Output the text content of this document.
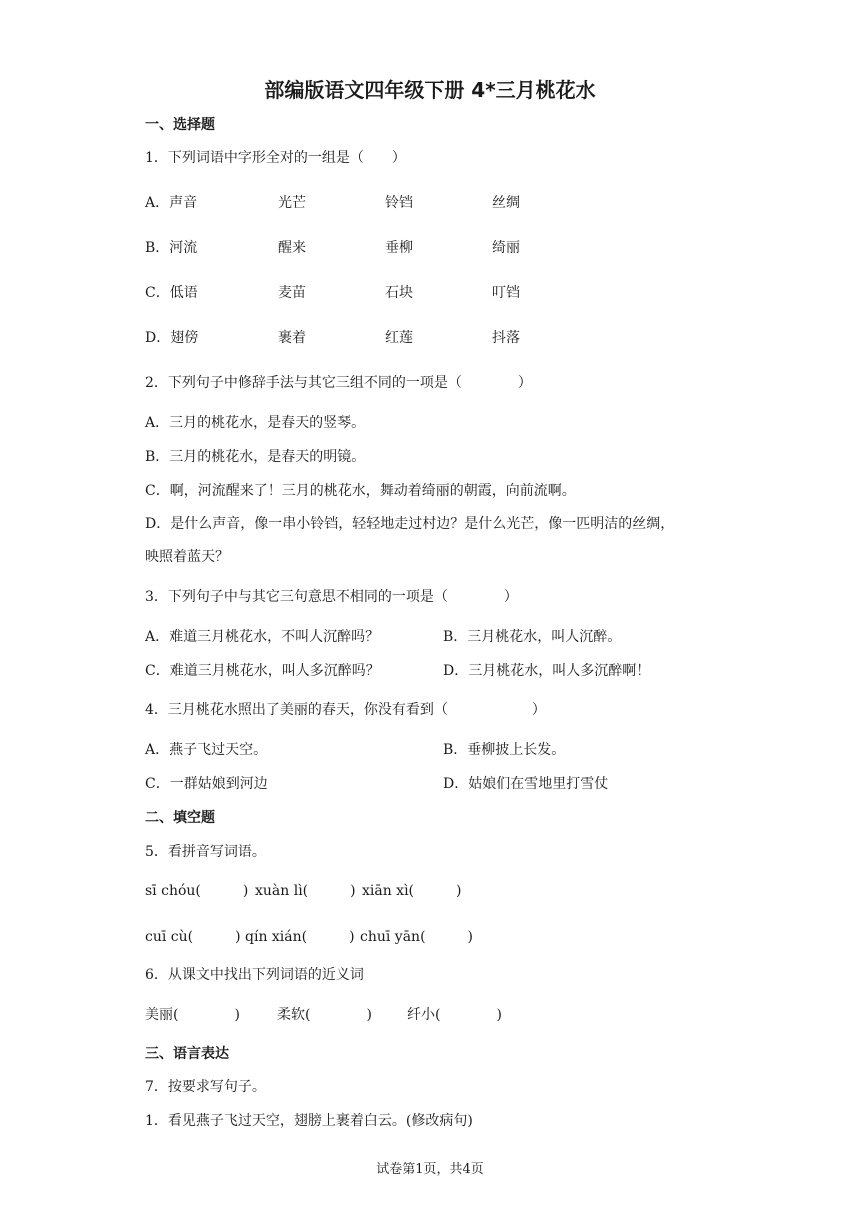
部编版语文四年级下册 4*三月桃花水
一、选择题
1．下列词语中字形全对的一组是（　　）
A．声音	光芒	铃铛	丝绸
B．河流	醒来	垂柳	绮丽
C．低语	麦苗	石块	叮铛
D．翅傍	裹着	红莲	抖落
2．下列句子中修辞手法与其它三组不同的一项是（　　　　）
A．三月的桃花水，是春天的竖琴。
B．三月的桃花水，是春天的明镜。
C．啊，河流醒来了！三月的桃花水，舞动着绮丽的朝霞，向前流啊。
D．是什么声音，像一串小铃铛，轻轻地走过村边？是什么光芒，像一匹明洁的丝绸，
映照着蓝天？
3．下列句子中与其它三句意思不相同的一项是（　　　　）
A．难道三月桃花水，不叫人沉醉吗？	B．三月桃花水，叫人沉醉。
C．难道三月桃花水，叫人多沉醉吗？	D．三月桃花水，叫人多沉醉啊！
4．三月桃花水照出了美丽的春天，你没有看到（　　　　　　）
A．燕子飞过天空。	B．垂柳披上长发。
C．一群姑娘到河边	D．姑娘们在雪地里打雪仗
二、填空题
5．看拼音写词语。
sī chóu(　　　) xuàn lì(　　　) xiān xì(　　　)
cuī cù(　　　) qín xián(　　　) chuī yān(　　　)
6．从课文中找出下列词语的近义词
美丽(　　　　)	柔软(　　　　)	纤小(　　　　)
三、语言表达
7．按要求写句子。
1．看见燕子飞过天空，翅膀上裹着白云。(修改病句)
试卷第1页，共4页
